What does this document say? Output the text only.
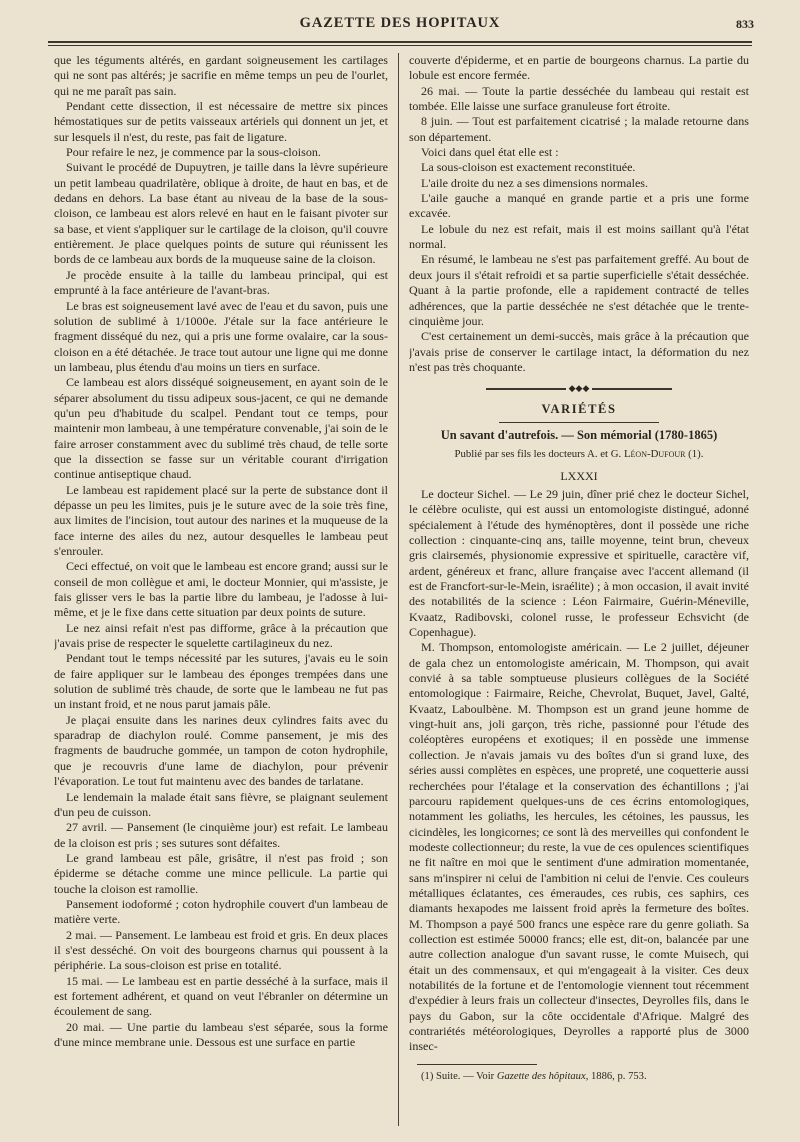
GAZETTE DES HOPITAUX	833

que les téguments altérés, en gardant soigneusement les cartilages qui ne sont pas altérés; je sacrifie en même temps un peu de l'ourlet, qui ne me paraît pas sain.

Pendant cette dissection, il est nécessaire de mettre six pinces hémostatiques sur de petits vaisseaux artériels qui donnent un jet, et sur lesquels il n'est, du reste, pas fait de ligature.

Pour refaire le nez, je commence par la sous-cloison.

Suivant le procédé de Dupuytren, je taille dans la lèvre supérieure un petit lambeau quadrilatère, oblique à droite, de haut en bas, et de dedans en dehors. La base étant au niveau de la base de la sous-cloison, ce lambeau est alors relevé en haut en le faisant pivoter sur sa base, et vient s'appliquer sur le cartilage de la cloison, qu'il couvre entièrement. Je place quelques points de suture qui réunissent les bords de ce lambeau aux bords de la muqueuse saine de la cloison.

Je procède ensuite à la taille du lambeau principal, qui est emprunté à la face antérieure de l'avant-bras.

Le bras est soigneusement lavé avec de l'eau et du savon, puis une solution de sublimé à 1/1000e. J'étale sur la face antérieure le fragment disséqué du nez, qui a pris une forme ovalaire, car la sous-cloison en a été détachée. Je trace tout autour une ligne qui me donne un lambeau, plus étendu d'au moins un tiers en surface.

Ce lambeau est alors disséqué soigneusement, en ayant soin de le séparer absolument du tissu adipeux sous-jacent, ce qui ne demande qu'un peu d'habitude du scalpel. Pendant tout ce temps, pour maintenir mon lambeau, à une température convenable, j'ai soin de le faire arroser constamment avec du sublimé très chaud, de telle sorte que la dissection se fasse sur un véritable courant d'irrigation continue antiseptique chaud.

Le lambeau est rapidement placé sur la perte de substance dont il dépasse un peu les limites, puis je le suture avec de la soie très fine, aux limites de l'incision, tout autour des narines et la muqueuse de la face interne des ailes du nez, autour desquelles le lambeau peut s'enrouler.

Ceci effectué, on voit que le lambeau est encore grand; aussi sur le conseil de mon collègue et ami, le docteur Monnier, qui m'assiste, je fais glisser vers le bas la partie libre du lambeau, je l'adosse à lui-même, et je le fixe dans cette situation par deux points de suture.

Le nez ainsi refait n'est pas difforme, grâce à la précaution que j'avais prise de respecter le squelette cartilagineux du nez.

Pendant tout le temps nécessité par les sutures, j'avais eu le soin de faire appliquer sur le lambeau des éponges trempées dans une solution de sublimé très chaude, de sorte que le lambeau ne fut pas un instant froid, et ne nous parut jamais pâle.

Je plaçai ensuite dans les narines deux cylindres faits avec du sparadrap de diachylon roulé. Comme pansement, je mis des fragments de baudruche gommée, un tampon de coton hydrophile, que je recouvris d'une lame de diachylon, pour prévenir l'évaporation. Le tout fut maintenu avec des bandes de tarlatane.

Le lendemain la malade était sans fièvre, se plaignant seulement d'un peu de cuisson.

27 avril. — Pansement (le cinquième jour) est refait. Le lambeau de la cloison est pris ; ses sutures sont défaites.

Le grand lambeau est pâle, grisâtre, il n'est pas froid ; son épiderme se détache comme une mince pellicule. La partie qui touche la cloison est ramollie.

Pansement iodoformé ; coton hydrophile couvert d'un lambeau de matière verte.

2 mai. — Pansement. Le lambeau est froid et gris. En deux places il s'est desséché. On voit des bourgeons charnus qui poussent à la périphérie. La sous-cloison est prise en totalité.

15 mai. — Le lambeau est en partie desséché à la surface, mais il est fortement adhérent, et quand on veut l'ébranler on détermine un écoulement de sang.

20 mai. — Une partie du lambeau s'est séparée, sous la forme d'une mince membrane unie. Dessous est une surface en partie

couverte d'épiderme, et en partie de bourgeons charnus. La partie du lobule est encore fermée.

26 mai. — Toute la partie desséchée du lambeau qui restait est tombée. Elle laisse une surface granuleuse fort étroite.

8 juin. — Tout est parfaitement cicatrisé ; la malade retourne dans son département.

Voici dans quel état elle est :

La sous-cloison est exactement reconstituée.

L'aile droite du nez a ses dimensions normales.

L'aile gauche a manqué en grande partie et a pris une forme excavée.

Le lobule du nez est refait, mais il est moins saillant qu'à l'état normal.

En résumé, le lambeau ne s'est pas parfaitement greffé. Au bout de deux jours il s'était refroidi et sa partie superficielle s'était desséchée. Quant à la partie profonde, elle a rapidement contracté de telles adhérences, que la partie desséchée ne s'est détachée que le trente-cinquième jour.

C'est certainement un demi-succès, mais grâce à la précaution que j'avais prise de conserver le cartilage intact, la déformation du nez n'est pas très choquante.

◆◆◆
VARIÉTÉS
Un savant d'autrefois. — Son mémorial (1780-1865)
Publié par ses fils les docteurs A. et G. Léon-Dufour (1).
LXXXI

Le docteur Sichel. — Le 29 juin, dîner prié chez le docteur Sichel, le célèbre oculiste, qui est aussi un entomologiste distingué, adonné spécialement à l'étude des hyménoptères, dont il possède une riche collection : cinquante-cinq ans, taille moyenne, teint brun, cheveux gris clairsemés, physionomie expressive et spirituelle, caractère vif, ardent, généreux et franc, allure française avec l'accent allemand (il est de Francfort-sur-le-Mein, israélite) ; à mon occasion, il avait invité des notabilités de la science : Léon Fairmaire, Guérin-Méneville, Kvaatz, Radibovski, colonel russe, le professeur Echsvicht (de Copenhague).

M. Thompson, entomologiste américain. — Le 2 juillet, déjeuner de gala chez un entomologiste américain, M. Thompson, qui avait convié à sa table somptueuse plusieurs collègues de la Société entomologique : Fairmaire, Reiche, Chevrolat, Buquet, Javel, Galté, Kvaatz, Laboulbène. M. Thompson est un grand jeune homme de vingt-huit ans, joli garçon, très riche, passionné pour l'étude des coléoptères européens et exotiques; il en possède une immense collection. Je n'avais jamais vu des boîtes d'un si grand luxe, des séries aussi complètes en espèces, une propreté, une coquetterie aussi recherchées pour l'étalage et la conservation des échantillons ; j'ai parcouru rapidement quelques-uns de ces écrins entomologiques, notamment les goliaths, les hercules, les cétoines, les paussus, les cicindèles, les longicornes; ce sont là des merveilles qui confondent le modeste collectionneur; du reste, la vue de ces opulences scientifiques ne fit naître en moi que le sentiment d'une admiration momentanée, sans m'inspirer ni celui de l'ambition ni celui de l'envie. Ces couleurs métalliques éclatantes, ces émeraudes, ces rubis, ces saphirs, ces diamants hexapodes me laissent froid après la fermeture des boîtes. M. Thompson a payé 500 francs une espèce rare du genre goliath. Sa collection est estimée 50000 francs; elle est, dit-on, balancée par une autre collection analogue d'un savant russe, le comte Muisech, qui était un des commensaux, et qui m'engageait à la visiter. Ces deux notabilités de la fortune et de l'entomologie viennent tout récemment d'expédier à leurs frais un collecteur d'insectes, Deyrolles fils, dans le pays du Gabon, sur la côte occidentale d'Afrique. Malgré des contrariétés météorologiques, Deyrolles a rapporté plus de 3000 insec-

(1) Suite. — Voir Gazette des hôpitaux, 1886, p. 753.
